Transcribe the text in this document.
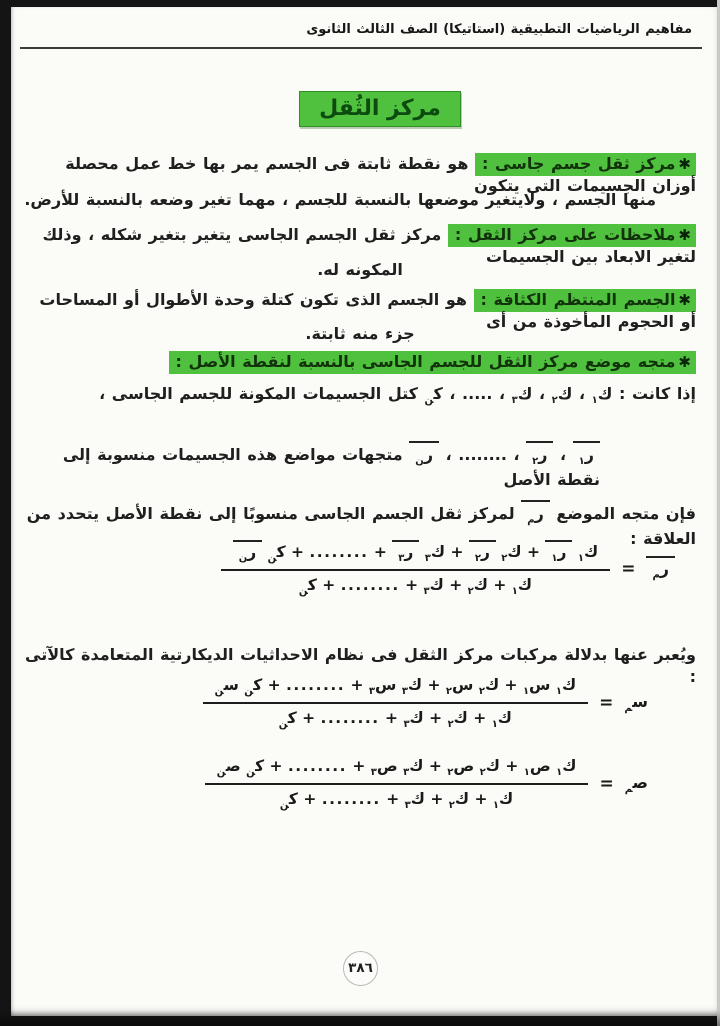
مفاهيم الرياضيات التطبيقية (استاتيكا) الصف الثالث الثانوى
مركز الثُقل
✱مركز ثقل جسم جاسى : هو نقطة ثابتة فى الجسم يمر بها خط عمل محصلة أوزان الجسيمات التى يتكون
منها الجسم ، ولايتغير موضعها بالنسبة للجسم ، مهما تغير وضعه بالنسبة للأرض.
✱ملاحظات على مركز الثقل : مركز ثقل الجسم الجاسى يتغير بتغير شكله ، وذلك لتغير الابعاد بين الجسيمات
المكونه له.
✱الجسم المنتظم الكثافة : هو الجسم الذى تكون كتلة وحدة الأطوال أو المساحات أو الحجوم المأخوذة من أى
جزء منه ثابتة.
✱متجه موضع مركز الثقل للجسم الجاسى بالنسبة لنقطة الأصل :
إذا كانت : ك$_١$ ، ك$_٢$ ، ك$_٣$ ، ..... ، ك$_ن$ كتل الجسيمات المكونة للجسم الجاسى ،
ر$_١$ ، ر$_٢$ ، ........ ، ر$_ن$ متجهات مواضع هذه الجسيمات منسوبة إلى نقطة الأصل
فإن متجه الموضع ر$_م$ لمركز ثقل الجسم الجاسى منسوبًا إلى نقطة الأصل يتحدد من العلاقة :
ر$_م$
=
$\frac{ك_١ ر_١ + ك_٢ ر_٢ + ك_٣ ر_٣ + ........ + ك_ن ر_ن}{ك_١ + ك_٢ + ك_٣ + ........ + ك_ن}$
ويُعبر عنها بدلالة مركبات مركز الثقل فى نظام الاحداثيات الديكارتية المتعامدة كالآتى :
س$_م$
=
$\frac{ك_١ س_١ + ك_٢ س_٢ + ك_٣ س_٣ + ........ + ك_ن س_ن}{ك_١ + ك_٢ + ك_٣ + ........ + ك_ن}$
ص$_م$
=
$\frac{ك_١ ص_١ + ك_٢ ص_٢ + ك_٣ ص_٣ + ........ + ك_ن ص_ن}{ك_١ + ك_٢ + ك_٣ + ........ + ك_ن}$
٣٨٦
